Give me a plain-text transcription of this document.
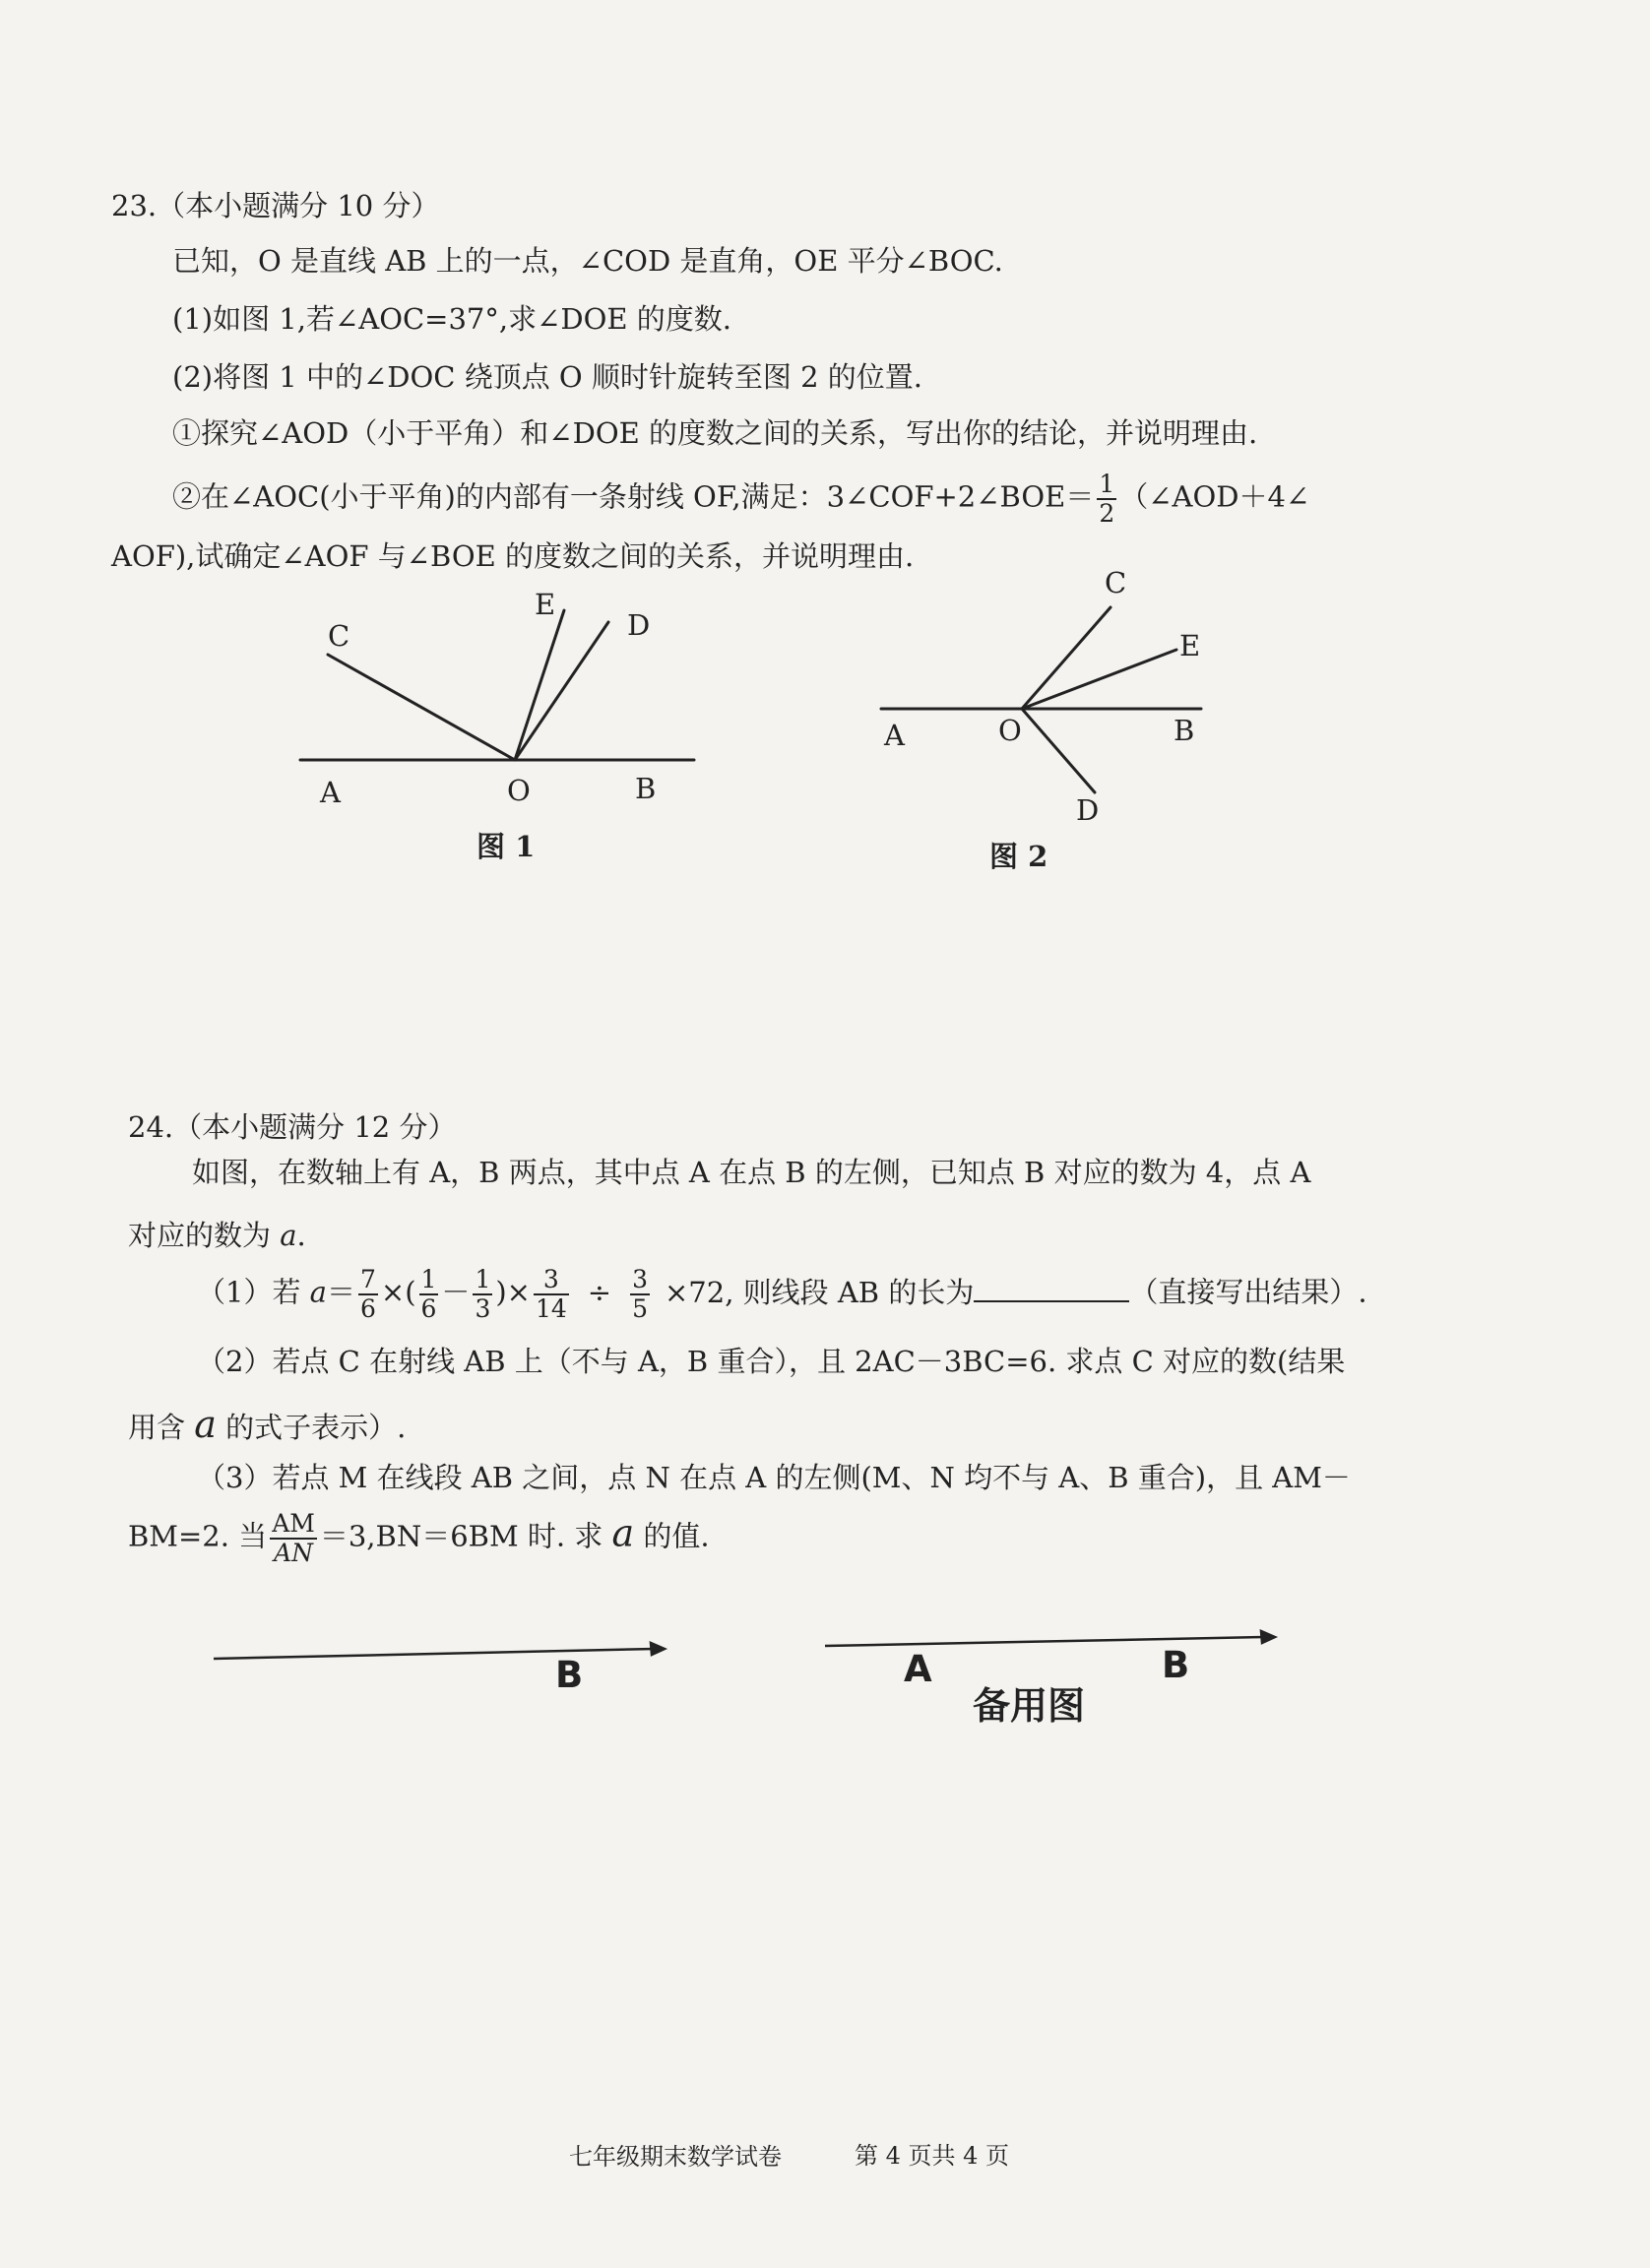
23.（本小题满分 10 分）
已知，O 是直线 AB 上的一点，∠COD 是直角，OE 平分∠BOC.
(1)如图 1,若∠AOC=37°,求∠DOE 的度数.
(2)将图 1 中的∠DOC 绕顶点 O 顺时针旋转至图 2 的位置.
①探究∠AOD（小于平角）和∠DOE 的度数之间的关系，写出你的结论，并说明理由.
②在∠AOC(小于平角)的内部有一条射线 OF,满足：3∠COF+2∠BOE＝ $\frac{1}{2}$ （∠AOD＋4∠
AOF),试确定∠AOF 与∠BOE 的度数之间的关系，并说明理由.
C
E
D
A	O	B
图 1
C
E
A	O	B
D
图 2
24.（本小题满分 12 分）
如图，在数轴上有 A，B 两点，其中点 A 在点 B 的左侧，已知点 B 对应的数为 4，点 A
对应的数为 a.
（1）若 $a= \frac{7}{6}$ ×( $\frac{1}{6} - \frac{1}{3}$ )× $\frac{3}{14} \div \frac{3}{5} \times 72$, 则线段 AB 的长为	（直接写出结果）.
（2）若点 C 在射线 AB 上（不与 A，B 重合），且 2AC－3BC=6. 求点 C 对应的数(结果
用含 a 的式子表示）.
（3）若点 M 在线段 AB 之间，点 N 在点 A 的左侧(M、N 均不与 A、B 重合)，且 AM－
BM=2. 当 $\frac{AM}{AN} =3,BN=6BM$ 时. 求 a 的值.
B	A	B
备用图
七年级期末数学试卷	第 4 页共 4 页
